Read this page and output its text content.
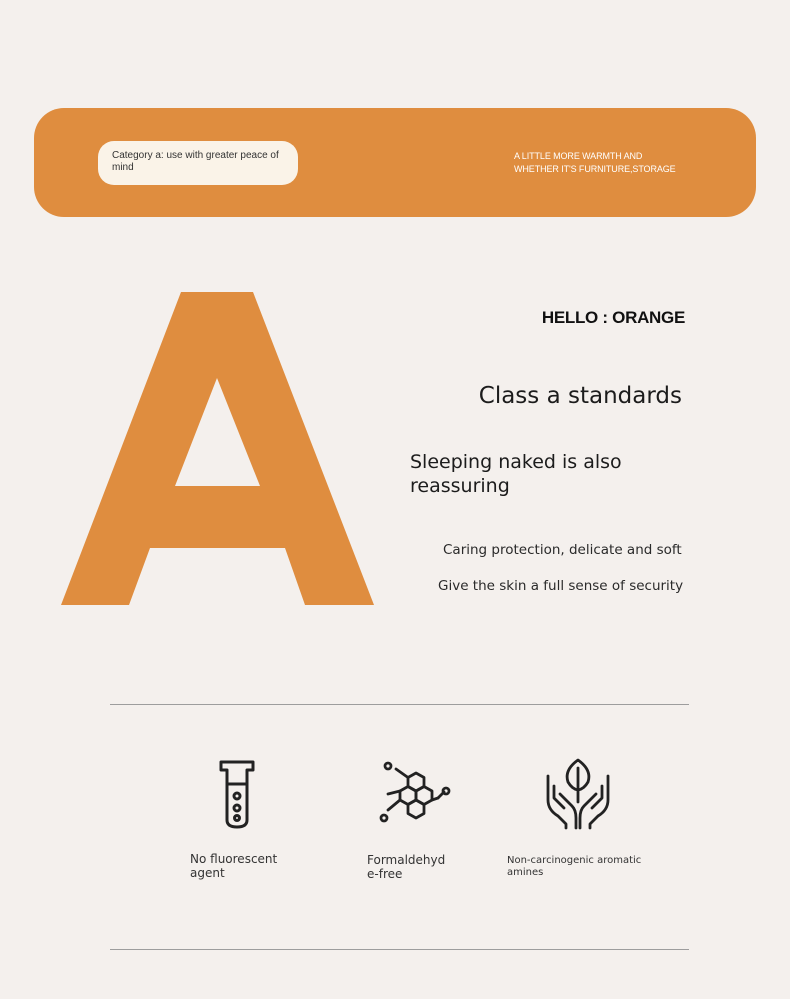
Category a: use with greater peace of mind
A LITTLE MORE WARMTH AND
WHETHER IT'S FURNITURE,STORAGE
HELLO : ORANGE
Class a standards
Sleeping naked is also reassuring
Caring protection, delicate and soft
Give the skin a full sense of security
No fluorescent agent
Formaldehyde-free
Non-carcinogenic aromatic amines
